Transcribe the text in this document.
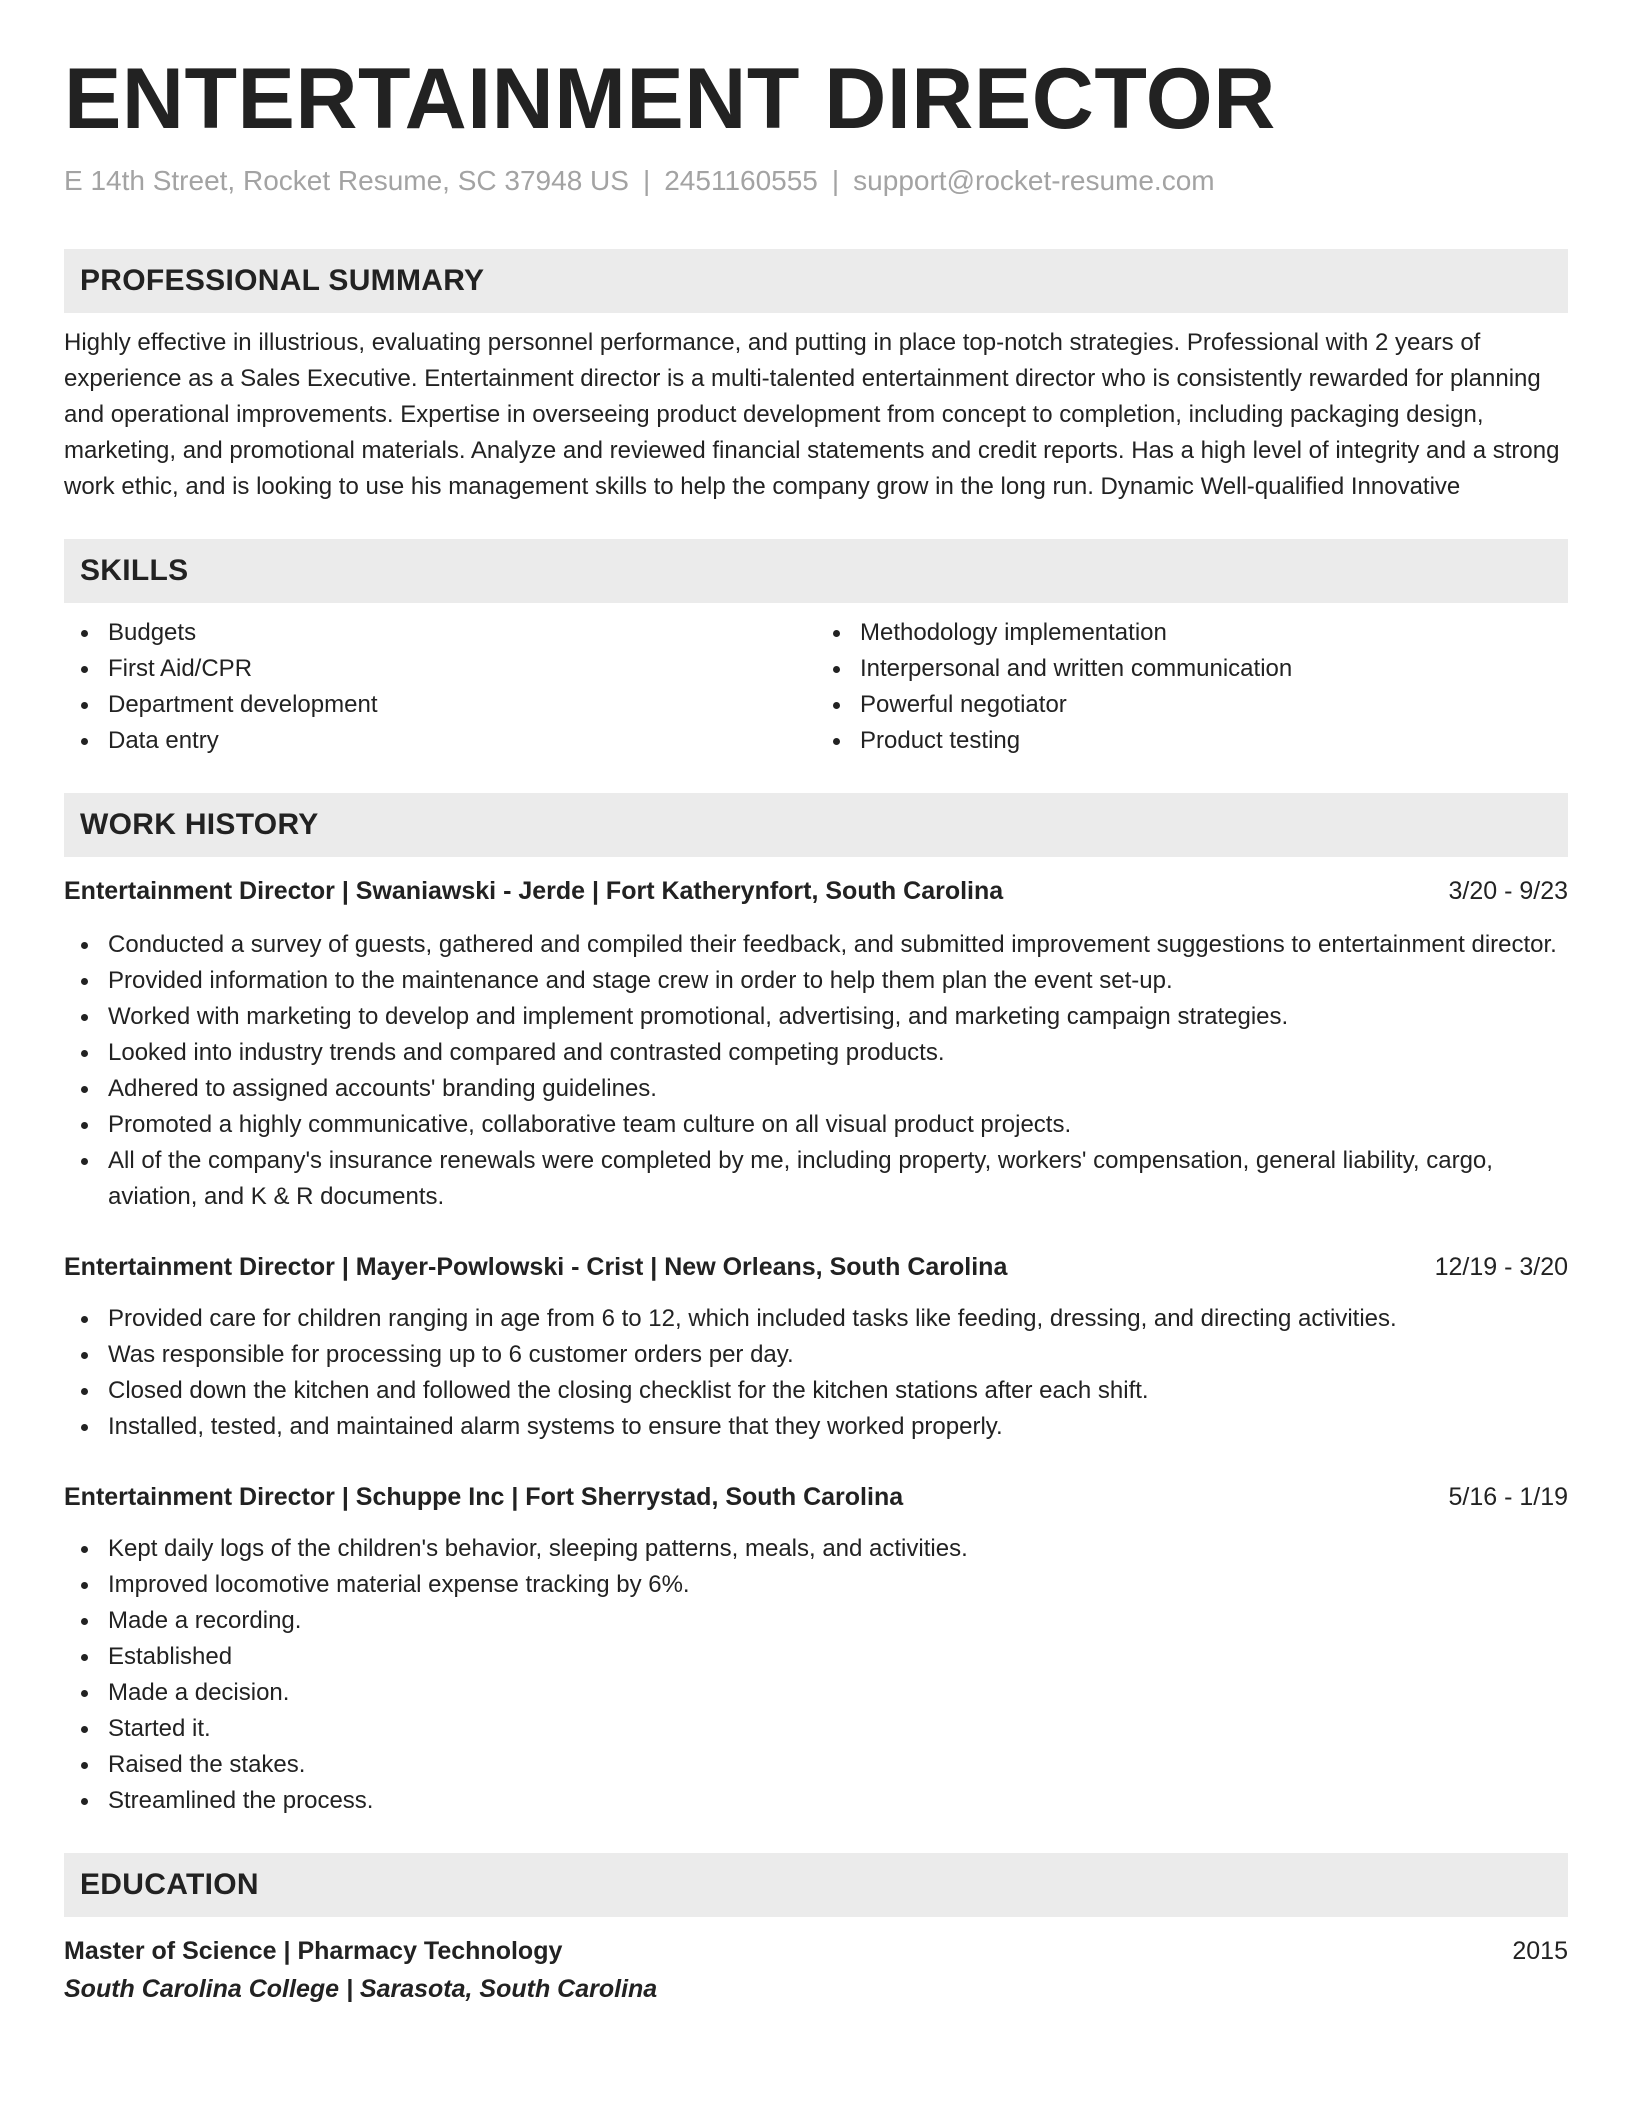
ENTERTAINMENT DIRECTOR
E 14th Street, Rocket Resume, SC 37948 US | 2451160555 | support@rocket-resume.com
PROFESSIONAL SUMMARY

Highly effective in illustrious, evaluating personnel performance, and putting in place top-notch strategies. Professional with 2 years of experience as a Sales Executive. Entertainment director is a multi-talented entertainment director who is consistently rewarded for planning and operational improvements. Expertise in overseeing product development from concept to completion, including packaging design, marketing, and promotional materials. Analyze and reviewed financial statements and credit reports. Has a high level of integrity and a strong work ethic, and is looking to use his management skills to help the company grow in the long run. Dynamic Well-qualified Innovative

SKILLS
Budgets
First Aid/CPR
Department development
Data entry
Methodology implementation
Interpersonal and written communication
Powerful negotiator
Product testing
WORK HISTORY
Entertainment Director | Swaniawski - Jerde | Fort Katherynfort, South Carolina	3/20 - 9/23
Conducted a survey of guests, gathered and compiled their feedback, and submitted improvement suggestions to entertainment director.
Provided information to the maintenance and stage crew in order to help them plan the event set-up.
Worked with marketing to develop and implement promotional, advertising, and marketing campaign strategies.
Looked into industry trends and compared and contrasted competing products.
Adhered to assigned accounts' branding guidelines.
Promoted a highly communicative, collaborative team culture on all visual product projects.
All of the company's insurance renewals were completed by me, including property, workers' compensation, general liability, cargo, aviation, and K & R documents.
Entertainment Director | Mayer-Powlowski - Crist | New Orleans, South Carolina	12/19 - 3/20
Provided care for children ranging in age from 6 to 12, which included tasks like feeding, dressing, and directing activities.
Was responsible for processing up to 6 customer orders per day.
Closed down the kitchen and followed the closing checklist for the kitchen stations after each shift.
Installed, tested, and maintained alarm systems to ensure that they worked properly.
Entertainment Director | Schuppe Inc | Fort Sherrystad, South Carolina	5/16 - 1/19
Kept daily logs of the children's behavior, sleeping patterns, meals, and activities.
Improved locomotive material expense tracking by 6%.
Made a recording.
Established
Made a decision.
Started it.
Raised the stakes.
Streamlined the process.
EDUCATION
Master of Science | Pharmacy Technology	2015
South Carolina College | Sarasota, South Carolina
